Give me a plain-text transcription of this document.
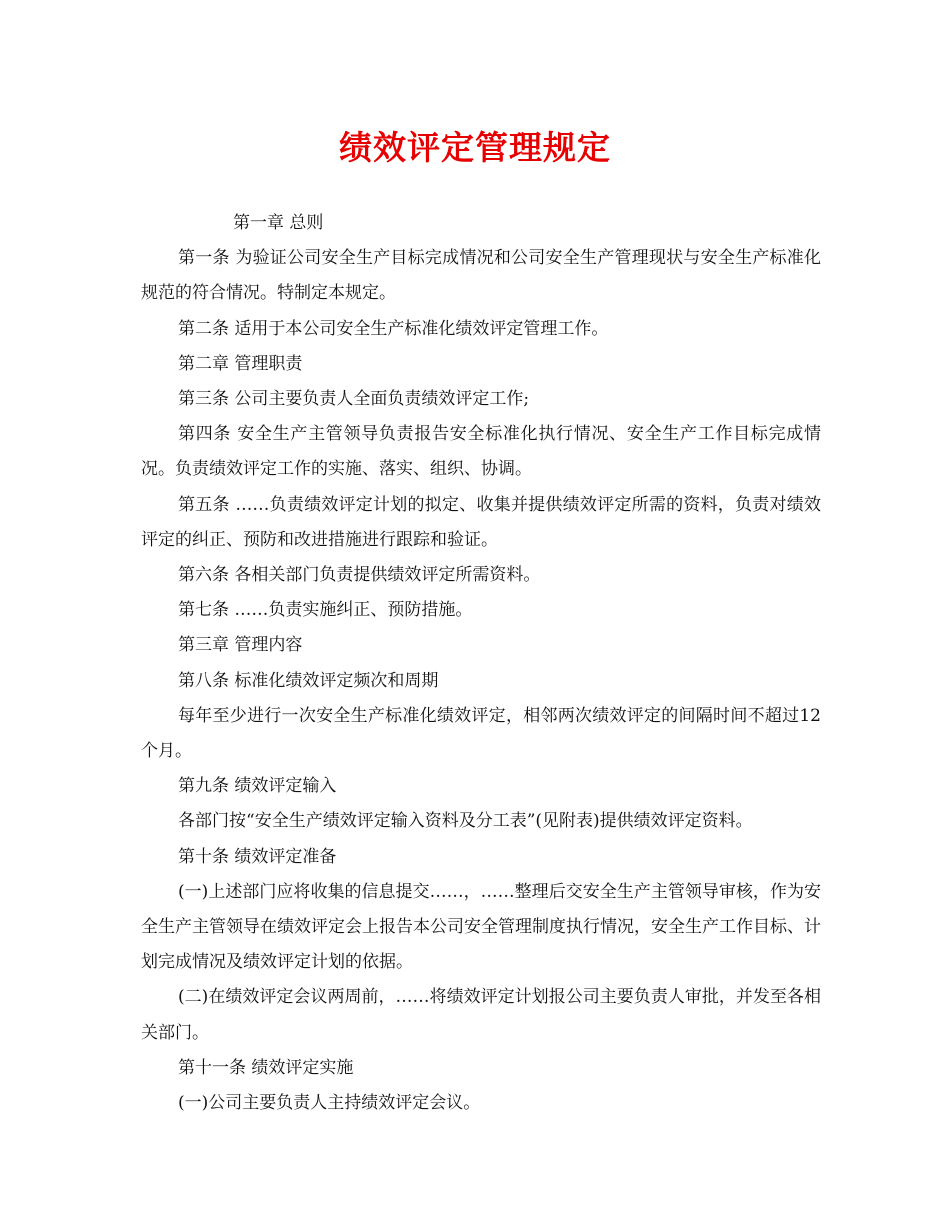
绩效评定管理规定

第一章 总则

第一条 为验证公司安全生产目标完成情况和公司安全生产管理现状与安全生产标准化规范的符合情况。特制定本规定。

第二条 适用于本公司安全生产标准化绩效评定管理工作。

第二章 管理职责

第三条 公司主要负责人全面负责绩效评定工作;

第四条 安全生产主管领导负责报告安全标准化执行情况、安全生产工作目标完成情况。负责绩效评定工作的实施、落实、组织、协调。

第五条 ……负责绩效评定计划的拟定、收集并提供绩效评定所需的资料，负责对绩效评定的纠正、预防和改进措施进行跟踪和验证。

第六条 各相关部门负责提供绩效评定所需资料。

第七条 ……负责实施纠正、预防措施。

第三章 管理内容

第八条 标准化绩效评定频次和周期

每年至少进行一次安全生产标准化绩效评定，相邻两次绩效评定的间隔时间不超过12个月。

第九条 绩效评定输入

各部门按“安全生产绩效评定输入资料及分工表”(见附表)提供绩效评定资料。

第十条 绩效评定准备

(一)上述部门应将收集的信息提交……，……整理后交安全生产主管领导审核，作为安全生产主管领导在绩效评定会上报告本公司安全管理制度执行情况，安全生产工作目标、计划完成情况及绩效评定计划的依据。

(二)在绩效评定会议两周前，……将绩效评定计划报公司主要负责人审批，并发至各相关部门。

第十一条 绩效评定实施

(一)公司主要负责人主持绩效评定会议。
